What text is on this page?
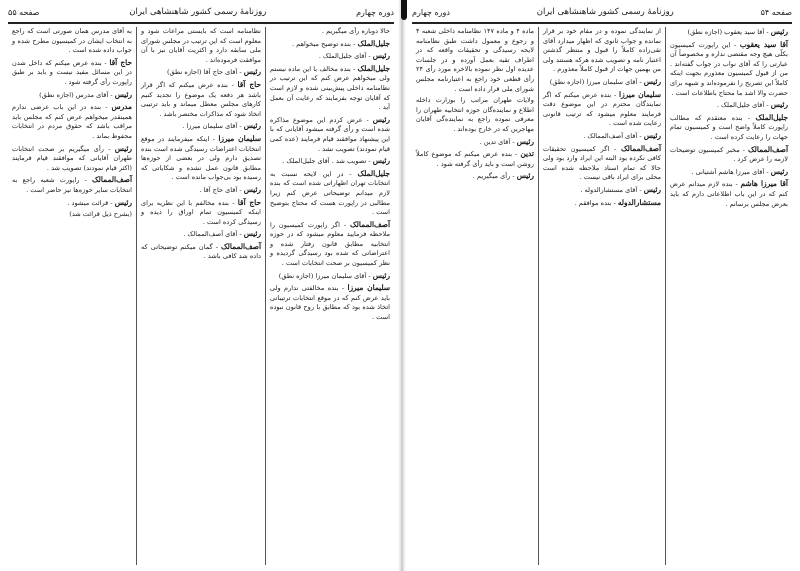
دوره چهارم
روزنامهٔ رسمی کشور شاهنشاهی ایران
صفحه ۵۵
حالا دوباره رأی میگیریم .
جلیل‌الملک - بنده توضیح میخواهم .
رئیس - آقای جلیل‌الملک .
جلیل‌الملک - بنده مخالف با این ماده نیستم ولی میخواهم عرض کنم که این ترتیب در نظامنامه داخلی پیش‌بینی شده و لازم است که آقایان توجه بفرمایند که رعایت آن بعمل آید .
رئیس - عرض کردم این موضوع مذاکره شده است و رأی گرفته میشود آقایانی که با این پیشنهاد موافقند قیام فرمایند (عده کمی قیام نمودند) تصویب نشد .
رئیس - تصویب شد . آقای جلیل‌الملک .
جلیل‌الملک - در این لایحه نسبت به انتخابات تهران اظهاراتی شده است که بنده لازم میدانم توضیحاتی عرض کنم زیرا مطالبی در راپورت هست که محتاج بتوضیح است .
آصف‌الممالک - اگر راپورت کمیسیون را ملاحظه فرمایید معلوم میشود که در حوزه انتخابیه مطابق قانون رفتار شده و اعتراضاتی که شده بود رسیدگی گردیده و نظر کمیسیون بر صحت انتخابات است .
رئیس - آقای سلیمان میرزا (اجازه نطق)
سلیمان میرزا - بنده مخالفتی ندارم ولی باید عرض کنم که در موقع انتخابات ترتیباتی اتخاذ شده بود که مطابق با روح قانون نبوده است .
نظامنامه است که بایستی مراعات شود و معلوم است که این ترتیب در مجلس شورای ملی سابقه دارد و اکثریت آقایان نیز با آن موافقت فرموده‌اند .
رئیس - آقای حاج آقا (اجازه نطق)
حاج آقا - بنده عرض میکنم که اگر قرار باشد هر دفعه یک موضوع را تجدید کنیم کارهای مجلس معطل میماند و باید ترتیبی اتخاذ شود که مذاکرات مختصر باشد .
رئیس - آقای سلیمان میرزا .
سلیمان میرزا - اینکه میفرمایند در موقع انتخابات اعتراضات رسیدگی شده است بنده تصدیق دارم ولی در بعضی از حوزه‌ها مطابق قانون عمل نشده و شکایاتی که رسیده بود بی‌جواب مانده است .
رئیس - آقای حاج آقا .
حاج آقا - بنده مخالفم با این نظریه برای اینکه کمیسیون تمام اوراق را دیده و رسیدگی کرده است .
رئیس - آقای آصف‌الممالک .
آصف‌الممالک - گمان میکنم توضیحاتی که داده شد کافی باشد .
به آقای مدرس همان صورتی است که راجع به انتخاب ایشان در کمیسیون مطرح شده و جواب داده شده است .
حاج آقا - بنده عرض میکنم که داخل شدن در این مسائل مفید نیست و باید بر طبق راپورت رأی گرفته شود .
رئیس - آقای مدرس (اجازه نطق)
مدرس - بنده در این باب عرضی ندارم همینقدر میخواهم عرض کنم که مجلس باید مراقب باشد که حقوق مردم در انتخابات محفوظ بماند .
رئیس - رأی میگیریم بر صحت انتخابات طهران آقایانی که موافقند قیام فرمایند (اکثر قیام نمودند) تصویب شد .
آصف‌الممالک - راپورت شعبه راجع به انتخابات سایر حوزه‌ها نیز حاضر است .
رئیس - قرائت میشود .
(بشرح ذیل قرائت شد)
صفحه ۵۴
روزنامهٔ رسمی کشور شاهنشاهی ایران
دوره چهارم
رئیس - آقا سید یعقوب (اجازه نطق)
آقا سید یعقوب - این راپورت کمیسیون بکلّی هیچ وجه مقتضی نداره و مخصوصاً آن عبارتی را که آقای نواب در جواب گفته‌اند . من از قبول کمیسیون معذورم بجهت اینکه کاملاً این تصریح را نفرموده‌اند و شبهه برای حضرت والا اشد ما محتاج باطلاعات است .
رئیس - آقای جلیل‌الملک .
جلیل‌الملک - بنده معتقدم که مطالب راپورت کاملاً واضح است و کمیسیون تمام جهات را رعایت کرده است .
آصف‌الممالک - مخبر کمیسیون توضیحات لازمه را عرض کرد .
رئیس - آقای میرزا هاشم آشتیانی .
آقا میرزا هاشم - بنده لازم میدانم عرض کنم که در این باب اطلاعاتی دارم که باید بعرض مجلس برسانم .
از نمایندگی نموده و در مقام خود بر قرار نمانده و جواب ثانوی که اظهار میدارد آقای تقی‌زاده کاملاً را قبول و منتظر گذشتن اعتبار نامه و تصویب شده هرکه هستند ولی من بهمین جهات از قبول کاملاً معذورم .
رئیس - آقای سلیمان میرزا (اجازه نطق)
سلیمان میرزا - بنده عرض میکنم که اگر نمایندگان محترم در این موضوع دقت فرمایند معلوم میشود که ترتیب قانونی رعایت شده است .
رئیس - آقای آصف‌الممالک .
آصف‌الممالک - اگر کمیسیون تحقیقات کافی نکرده بود البته این ایراد وارد بود ولی حالا که تمام اسناد ملاحظه شده است محلی برای ایراد باقی نیست .
رئیس - آقای مستشارالدوله .
مستشارالدوله - بنده موافقم .
ماده ۴ و ماده ۱۴۷ نظامنامه داخلی شعبه ۴ و رجوع و معمول داشت طبق نظامنامه لایحه رسیدگی و تحقیقات واقعه که در اطراف تقیه بعمل آورده و در جلسات عدیده اول نظر نموده بالاخره مورد رأی ۲۴ رأی قطعی خود راجع به اعتبارنامه مجلس شورای ملی قرار داده است .
ولایات طهران مراتب را بوزارت داخله اطلاع و نماینده‌گان حوزه انتخابیه طهران را معرفی نموده راجع به نماینده‌گی آقایان مهاجرین که در خارج بوده‌اند .
رئیس - آقای تدین .
تدین - بنده عرض میکنم که موضوع کاملاً روشن است و باید رأی گرفته شود .
رئیس - رأی میگیریم .
